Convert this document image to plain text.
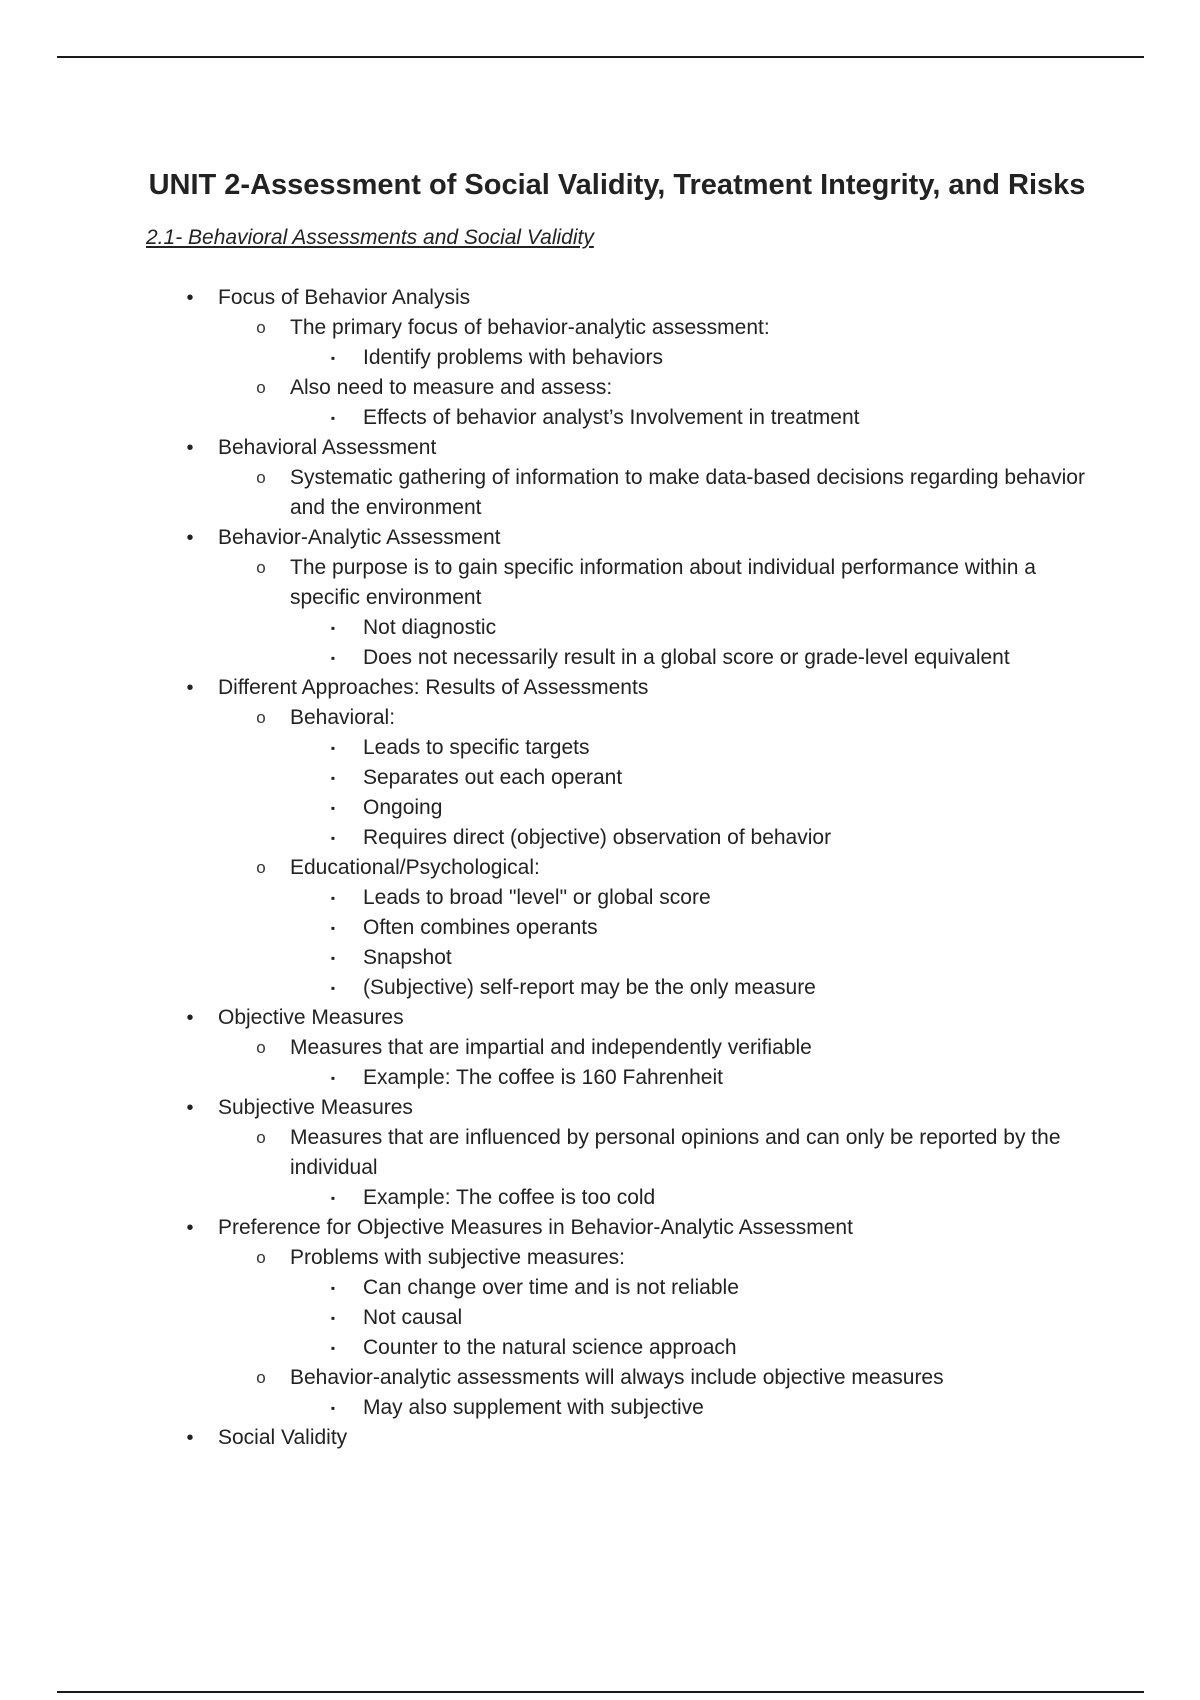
UNIT 2-Assessment of Social Validity, Treatment Integrity, and Risks
2.1- Behavioral Assessments and Social Validity
• Focus of Behavior Analysis
o The primary focus of behavior-analytic assessment:
▪ Identify problems with behaviors
o Also need to measure and assess:
▪ Effects of behavior analyst’s Involvement in treatment
• Behavioral Assessment
o Systematic gathering of information to make data-based decisions regarding behavior and the environment
• Behavior-Analytic Assessment
o The purpose is to gain specific information about individual performance within a specific environment
▪ Not diagnostic
▪ Does not necessarily result in a global score or grade-level equivalent
• Different Approaches: Results of Assessments
o Behavioral:
▪ Leads to specific targets
▪ Separates out each operant
▪ Ongoing
▪ Requires direct (objective) observation of behavior
o Educational/Psychological:
▪ Leads to broad "level" or global score
▪ Often combines operants
▪ Snapshot
▪ (Subjective) self-report may be the only measure
• Objective Measures
o Measures that are impartial and independently verifiable
▪ Example: The coffee is 160 Fahrenheit
• Subjective Measures
o Measures that are influenced by personal opinions and can only be reported by the individual
▪ Example: The coffee is too cold
• Preference for Objective Measures in Behavior-Analytic Assessment
o Problems with subjective measures:
▪ Can change over time and is not reliable
▪ Not causal
▪ Counter to the natural science approach
o Behavior-analytic assessments will always include objective measures
▪ May also supplement with subjective
• Social Validity
